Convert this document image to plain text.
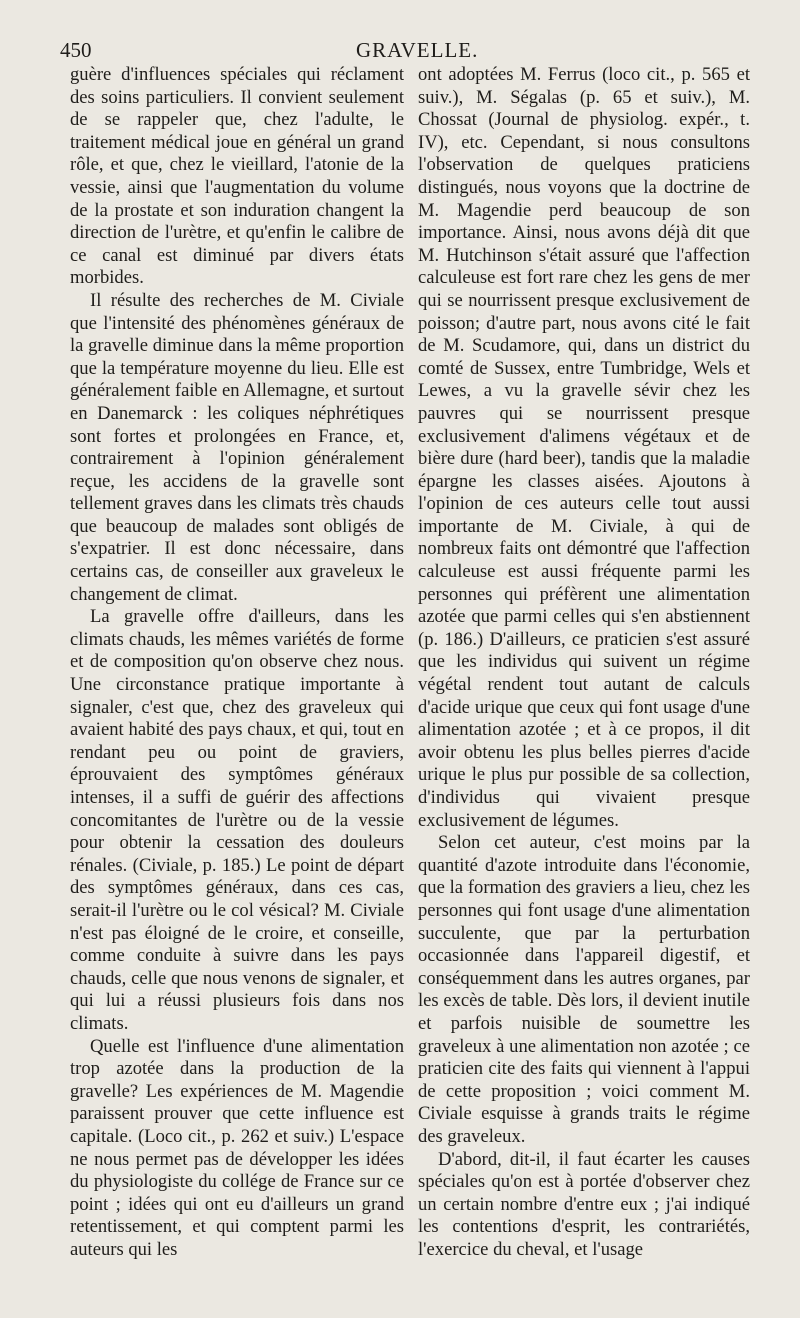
450	GRAVELLE.

guère d'influences spéciales qui réclament des soins particuliers. Il convient seulement de se rappeler que, chez l'adulte, le traitement médical joue en général un grand rôle, et que, chez le vieillard, l'atonie de la vessie, ainsi que l'augmentation du volume de la prostate et son induration changent la direction de l'urètre, et qu'enfin le calibre de ce canal est diminué par divers états morbides.

Il résulte des recherches de M. Civiale que l'intensité des phénomènes généraux de la gravelle diminue dans la même proportion que la température moyenne du lieu. Elle est généralement faible en Allemagne, et surtout en Danemarck : les coliques néphrétiques sont fortes et prolongées en France, et, contrairement à l'opinion généralement reçue, les accidens de la gravelle sont tellement graves dans les climats très chauds que beaucoup de malades sont obligés de s'expatrier. Il est donc nécessaire, dans certains cas, de conseiller aux graveleux le changement de climat.

La gravelle offre d'ailleurs, dans les climats chauds, les mêmes variétés de forme et de composition qu'on observe chez nous. Une circonstance pratique importante à signaler, c'est que, chez des graveleux qui avaient habité des pays chaux, et qui, tout en rendant peu ou point de graviers, éprouvaient des symptômes généraux intenses, il a suffi de guérir des affections concomitantes de l'urètre ou de la vessie pour obtenir la cessation des douleurs rénales. (Civiale, p. 185.) Le point de départ des symptômes généraux, dans ces cas, serait-il l'urètre ou le col vésical? M. Civiale n'est pas éloigné de le croire, et conseille, comme conduite à suivre dans les pays chauds, celle que nous venons de signaler, et qui lui a réussi plusieurs fois dans nos climats.

Quelle est l'influence d'une alimentation trop azotée dans la production de la gravelle? Les expériences de M. Magendie paraissent prouver que cette influence est capitale. (Loco cit., p. 262 et suiv.) L'espace ne nous permet pas de développer les idées du physiologiste du collége de France sur ce point ; idées qui ont eu d'ailleurs un grand retentissement, et qui comptent parmi les auteurs qui les

ont adoptées M. Ferrus (loco cit., p. 565 et suiv.), M. Ségalas (p. 65 et suiv.), M. Chossat (Journal de physiolog. expér., t. IV), etc. Cependant, si nous consultons l'observation de quelques praticiens distingués, nous voyons que la doctrine de M. Magendie perd beaucoup de son importance. Ainsi, nous avons déjà dit que M. Hutchinson s'était assuré que l'affection calculeuse est fort rare chez les gens de mer qui se nourrissent presque exclusivement de poisson; d'autre part, nous avons cité le fait de M. Scudamore, qui, dans un district du comté de Sussex, entre Tumbridge, Wels et Lewes, a vu la gravelle sévir chez les pauvres qui se nourrissent presque exclusivement d'alimens végétaux et de bière dure (hard beer), tandis que la maladie épargne les classes aisées. Ajoutons à l'opinion de ces auteurs celle tout aussi importante de M. Civiale, à qui de nombreux faits ont démontré que l'affection calculeuse est aussi fréquente parmi les personnes qui préfèrent une alimentation azotée que parmi celles qui s'en abstiennent (p. 186.) D'ailleurs, ce praticien s'est assuré que les individus qui suivent un régime végétal rendent tout autant de calculs d'acide urique que ceux qui font usage d'une alimentation azotée ; et à ce propos, il dit avoir obtenu les plus belles pierres d'acide urique le plus pur possible de sa collection, d'individus qui vivaient presque exclusivement de légumes.

Selon cet auteur, c'est moins par la quantité d'azote introduite dans l'économie, que la formation des graviers a lieu, chez les personnes qui font usage d'une alimentation succulente, que par la perturbation occasionnée dans l'appareil digestif, et conséquemment dans les autres organes, par les excès de table. Dès lors, il devient inutile et parfois nuisible de soumettre les graveleux à une alimentation non azotée ; ce praticien cite des faits qui viennent à l'appui de cette proposition ; voici comment M. Civiale esquisse à grands traits le régime des graveleux.

D'abord, dit-il, il faut écarter les causes spéciales qu'on est à portée d'observer chez un certain nombre d'entre eux ; j'ai indiqué les contentions d'esprit, les contrariétés, l'exercice du cheval, et l'usage
